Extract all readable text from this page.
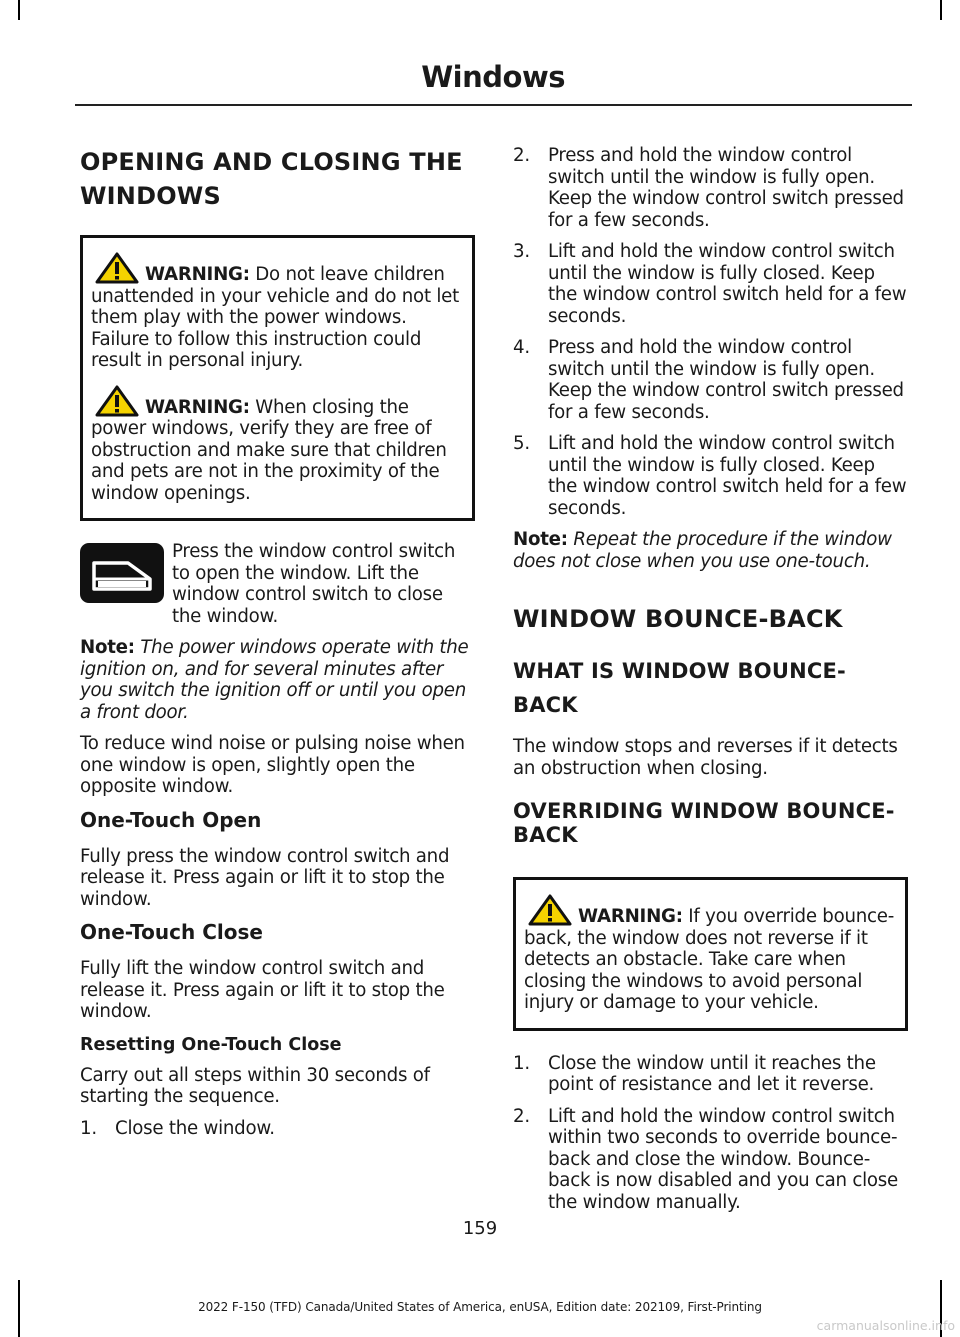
Windows
OPENING AND CLOSING THE WINDOWS

WARNING: Do not leave children unattended in your vehicle and do not let them play with the power windows. Failure to follow this instruction could result in personal injury.

WARNING: When closing the power windows, verify they are free of obstruction and make sure that children and pets are not in the proximity of the window openings.

Press the window control switch to open the window. Lift the window control switch to close the window.

Note: The power windows operate with the ignition on, and for several minutes after you switch the ignition off or until you open a front door.

To reduce wind noise or pulsing noise when one window is open, slightly open the opposite window.

One-Touch Open

Fully press the window control switch and release it. Press again or lift it to stop the window.

One-Touch Close

Fully lift the window control switch and release it. Press again or lift it to stop the window.

Resetting One-Touch Close

Carry out all steps within 30 seconds of starting the sequence.

1. Close the window.
2. Press and hold the window control switch until the window is fully open. Keep the window control switch pressed for a few seconds.
3. Lift and hold the window control switch until the window is fully closed. Keep the window control switch held for a few seconds.
4. Press and hold the window control switch until the window is fully open. Keep the window control switch pressed for a few seconds.
5. Lift and hold the window control switch until the window is fully closed. Keep the window control switch held for a few seconds.

Note: Repeat the procedure if the window does not close when you use one-touch.

WINDOW BOUNCE-BACK
WHAT IS WINDOW BOUNCE-BACK

The window stops and reverses if it detects an obstruction when closing.

OVERRIDING WINDOW BOUNCE-BACK

WARNING: If you override bounce-back, the window does not reverse if it detects an obstacle. Take care when closing the windows to avoid personal injury or damage to your vehicle.

1. Close the window until it reaches the point of resistance and let it reverse.
2. Lift and hold the window control switch within two seconds to override bounce-back and close the window. Bounce-back is now disabled and you can close the window manually.
159
2022 F-150 (TFD) Canada/United States of America, enUSA, Edition date: 202109, First-Printing
carmanualsonline.info
